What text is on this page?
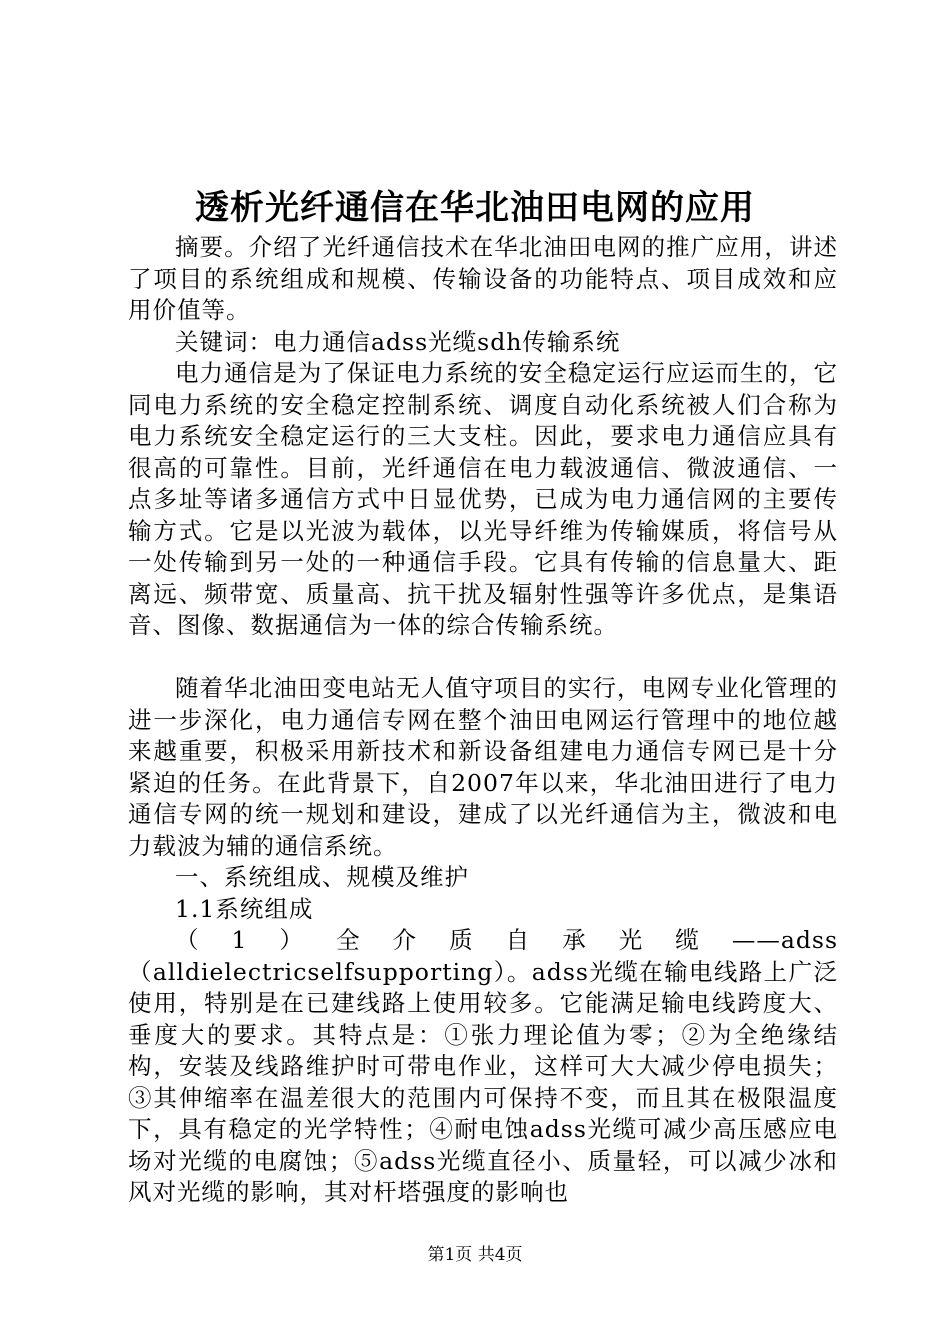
透析光纤通信在华北油田电网的应用

摘要。介绍了光纤通信技术在华北油田电网的推广应用，讲述了项目的系统组成和规模、传输设备的功能特点、项目成效和应用价值等。

关键词：电力通信adss光缆sdh传输系统

电力通信是为了保证电力系统的安全稳定运行应运而生的，它同电力系统的安全稳定控制系统、调度自动化系统被人们合称为电力系统安全稳定运行的三大支柱。因此，要求电力通信应具有很高的可靠性。目前，光纤通信在电力载波通信、微波通信、一点多址等诸多通信方式中日显优势，已成为电力通信网的主要传输方式。它是以光波为载体，以光导纤维为传输媒质，将信号从一处传输到另一处的一种通信手段。它具有传输的信息量大、距离远、频带宽、质量高、抗干扰及辐射性强等许多优点，是集语音、图像、数据通信为一体的综合传输系统。

随着华北油田变电站无人值守项目的实行，电网专业化管理的进一步深化，电力通信专网在整个油田电网运行管理中的地位越来越重要，积极采用新技术和新设备组建电力通信专网已是十分紧迫的任务。在此背景下，自2007年以来，华北油田进行了电力通信专网的统一规划和建设，建成了以光纤通信为主，微波和电力载波为辅的通信系统。

一、系统组成、规模及维护

1.1系统组成

（1）全介质自承光缆——adss（alldielectricselfsupporting）。adss光缆在输电线路上广泛使用，特别是在已建线路上使用较多。它能满足输电线跨度大、垂度大的要求。其特点是：①张力理论值为零；②为全绝缘结构，安装及线路维护时可带电作业，这样可大大减少停电损失；③其伸缩率在温差很大的范围内可保持不变，而且其在极限温度下，具有稳定的光学特性；④耐电蚀adss光缆可减少高压感应电场对光缆的电腐蚀；⑤adss光缆直径小、质量轻，可以减少冰和风对光缆的影响，其对杆塔强度的影响也

第1页 共4页
